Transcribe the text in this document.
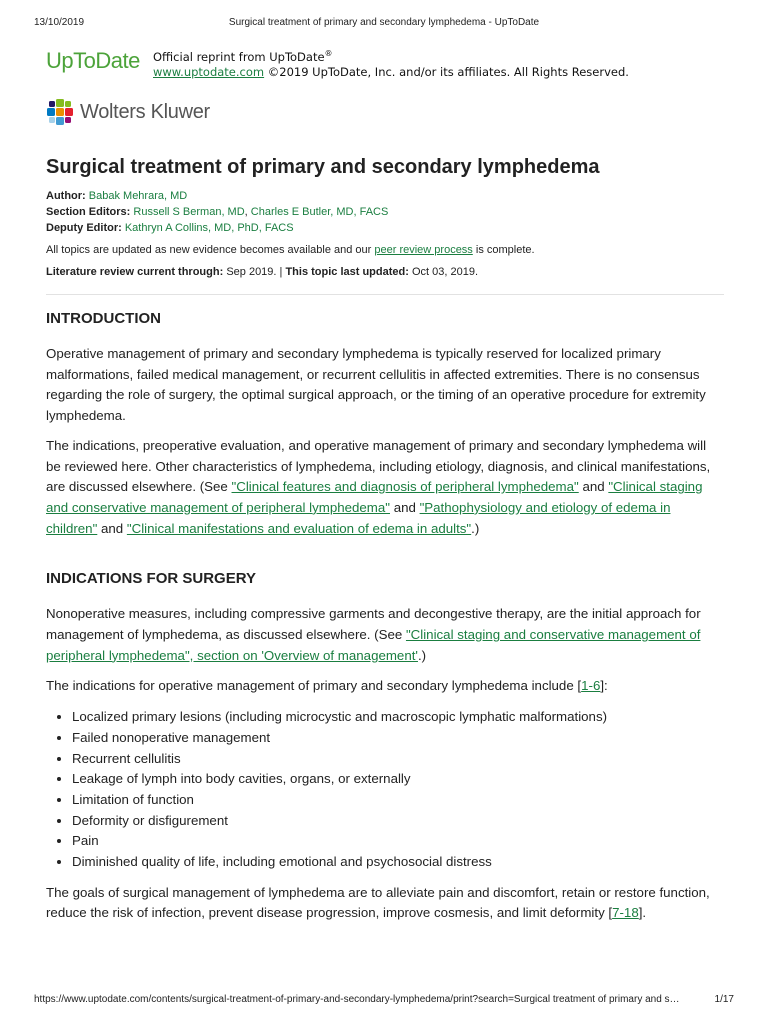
13/10/2019	Surgical treatment of primary and secondary lymphedema - UpToDate
UpToDate Official reprint from UpToDate®
www.uptodate.com ©2019 UpToDate, Inc. and/or its affiliates. All Rights Reserved.
Wolters Kluwer
Surgical treatment of primary and secondary lymphedema
Author: Babak Mehrara, MD
Section Editors: Russell S Berman, MD, Charles E Butler, MD, FACS
Deputy Editor: Kathryn A Collins, MD, PhD, FACS
All topics are updated as new evidence becomes available and our peer review process is complete.
Literature review current through: Sep 2019. | This topic last updated: Oct 03, 2019.
INTRODUCTION

Operative management of primary and secondary lymphedema is typically reserved for localized primary malformations, failed medical management, or recurrent cellulitis in affected extremities. There is no consensus regarding the role of surgery, the optimal surgical approach, or the timing of an operative procedure for extremity lymphedema.

The indications, preoperative evaluation, and operative management of primary and secondary lymphedema will be reviewed here. Other characteristics of lymphedema, including etiology, diagnosis, and clinical manifestations, are discussed elsewhere. (See "Clinical features and diagnosis of peripheral lymphedema" and "Clinical staging and conservative management of peripheral lymphedema" and "Pathophysiology and etiology of edema in children" and "Clinical manifestations and evaluation of edema in adults".)

INDICATIONS FOR SURGERY

Nonoperative measures, including compressive garments and decongestive therapy, are the initial approach for management of lymphedema, as discussed elsewhere. (See "Clinical staging and conservative management of peripheral lymphedema", section on 'Overview of management'.)

The indications for operative management of primary and secondary lymphedema include [1-6]:

• Localized primary lesions (including microcystic and macroscopic lymphatic malformations)
• Failed nonoperative management
• Recurrent cellulitis
• Leakage of lymph into body cavities, organs, or externally
• Limitation of function
• Deformity or disfigurement
• Pain
• Diminished quality of life, including emotional and psychosocial distress

The goals of surgical management of lymphedema are to alleviate pain and discomfort, retain or restore function, reduce the risk of infection, prevent disease progression, improve cosmesis, and limit deformity [7-18].

https://www.uptodate.com/contents/surgical-treatment-of-primary-and-secondary-lymphedema/print?search=Surgical treatment of primary and s…	1/17
